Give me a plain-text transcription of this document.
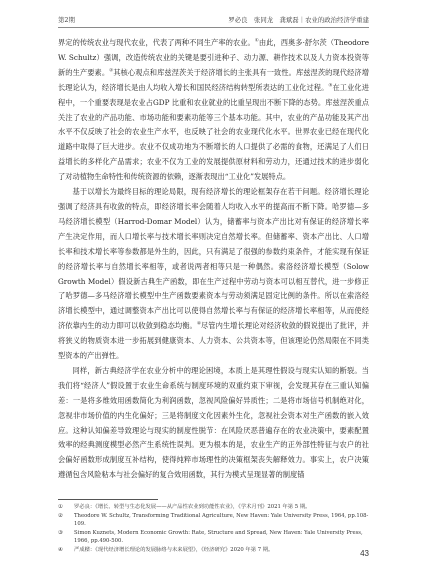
第2期	罗必良　张同龙　龚斌磊｜农业的政治经济学重建

界定的传统农业与现代农业，代表了两种不同生产率的农业。①由此，西奥多·舒尔茨（Theodore W. Schultz）强调，改造传统农业的关键是要引进种子、动力源、耕作技术以及人力资本投资等新的生产要素。②其核心观点和库兹涅茨关于经济增长的主张具有一致性。库兹涅茨的现代经济增长理论认为，经济增长是由人均收入增长和国民经济结构转型所表达的工业化过程。③在工业化进程中，一个重要表现是农业占GDP 比重和农业就业的比重呈现出不断下降的态势。库兹涅茨重点关注了农业的产品功能、市场功能和要素功能等三个基本功能。其中，农业的产品功能及其产出水平不仅反映了社会的农业生产水平，也反映了社会的农业现代化水平。世界农业已经在现代化道路中取得了巨大进步。农业不仅成功地为不断增长的人口提供了必需的食物，还满足了人们日益增长的多样化产品需求；农业不仅为工业的发展提供原材料和劳动力，还通过技术的进步弱化了对动植物生命特性和传统资源的依赖，逐渐表现出“工业化”发展特点。

基于以增长为最终目标的理论局限，现有经济增长的理论框架存在若干问题。经济增长理论强调了经济具有收敛的特点，即经济增长率会随着人均收入水平的提高而不断下降。哈罗德—多马经济增长模型（Harrod-Domar Model）认为，储蓄率与资本产出比对有保证的经济增长率产生决定作用，而人口增长率与技术增长率则决定自然增长率。但储蓄率、资本产出比、人口增长率和技术增长率等参数都是外生的，因此，只有满足了很强的参数约束条件，才能实现有保证的经济增长率与自然增长率相等，或者说两者相等只是一种偶然。索洛经济增长模型（Solow Growth Model）假设新古典生产函数，即在生产过程中劳动与资本可以相互替代，进一步修正了哈罗德—多马经济增长模型中生产函数要素资本与劳动须满足固定比例的条件。所以在索洛经济增长模型中，通过调整资本产出比可以使得自然增长率与有保证的经济增长率相等，从而使经济依靠内生的动力即可以收敛到稳态均衡。④尽管内生增长理论对经济收敛的假说提出了批评，并将狭义的物质资本进一步拓展到健康资本、人力资本、公共资本等，但该理论仍然局限在不同类型资本的产出弹性。

同样，新古典经济学在农业分析中的理论困境，本质上是其理性假设与现实认知的断裂。当我们将“经济人”假设置于农业生命系统与制度环境的双重约束下审视，会发现其存在三重认知偏差：一是将多维效用函数简化为利润函数，忽视风险偏好异质性；二是将市场信号机制绝对化，忽视非市场价值的内生化偏好；三是将制度文化因素外生化，忽视社会资本对生产函数的嵌入效应。这种认知偏差导致理论与现实的制度性脱节：在风险厌恶普遍存在的农业决策中，要素配置效率的经典测度模型必然产生系统性误判。更为根本的是，农业生产的正外部性特征与农户的社会偏好函数形成制度互补结构，使得纯粹市场理性的决策框架丧失解释效力。事实上，农户决策遵循包含风险粘本与社会偏好的复合效用函数，其行为模式呈现显著的制度锚

①	罗必良：《增长、转型与生态化发展——从产品性农业到功能性农业》，《学术月刊》2021 年第 5 期。
②	Theodore W. Schultz, Transforming Traditional Agriculture, New Haven: Yale University Press, 1964, pp.108-109.
③	Simon Kuznets, Modern Economic Growth: Rate, Structure and Spread, New Haven: Yale University Press, 1966, pp.490-500.
④	严成樑：《现代经济增长理论的发展脉络与未来展望》，《经济研究》2020 年第 7 期。	43
